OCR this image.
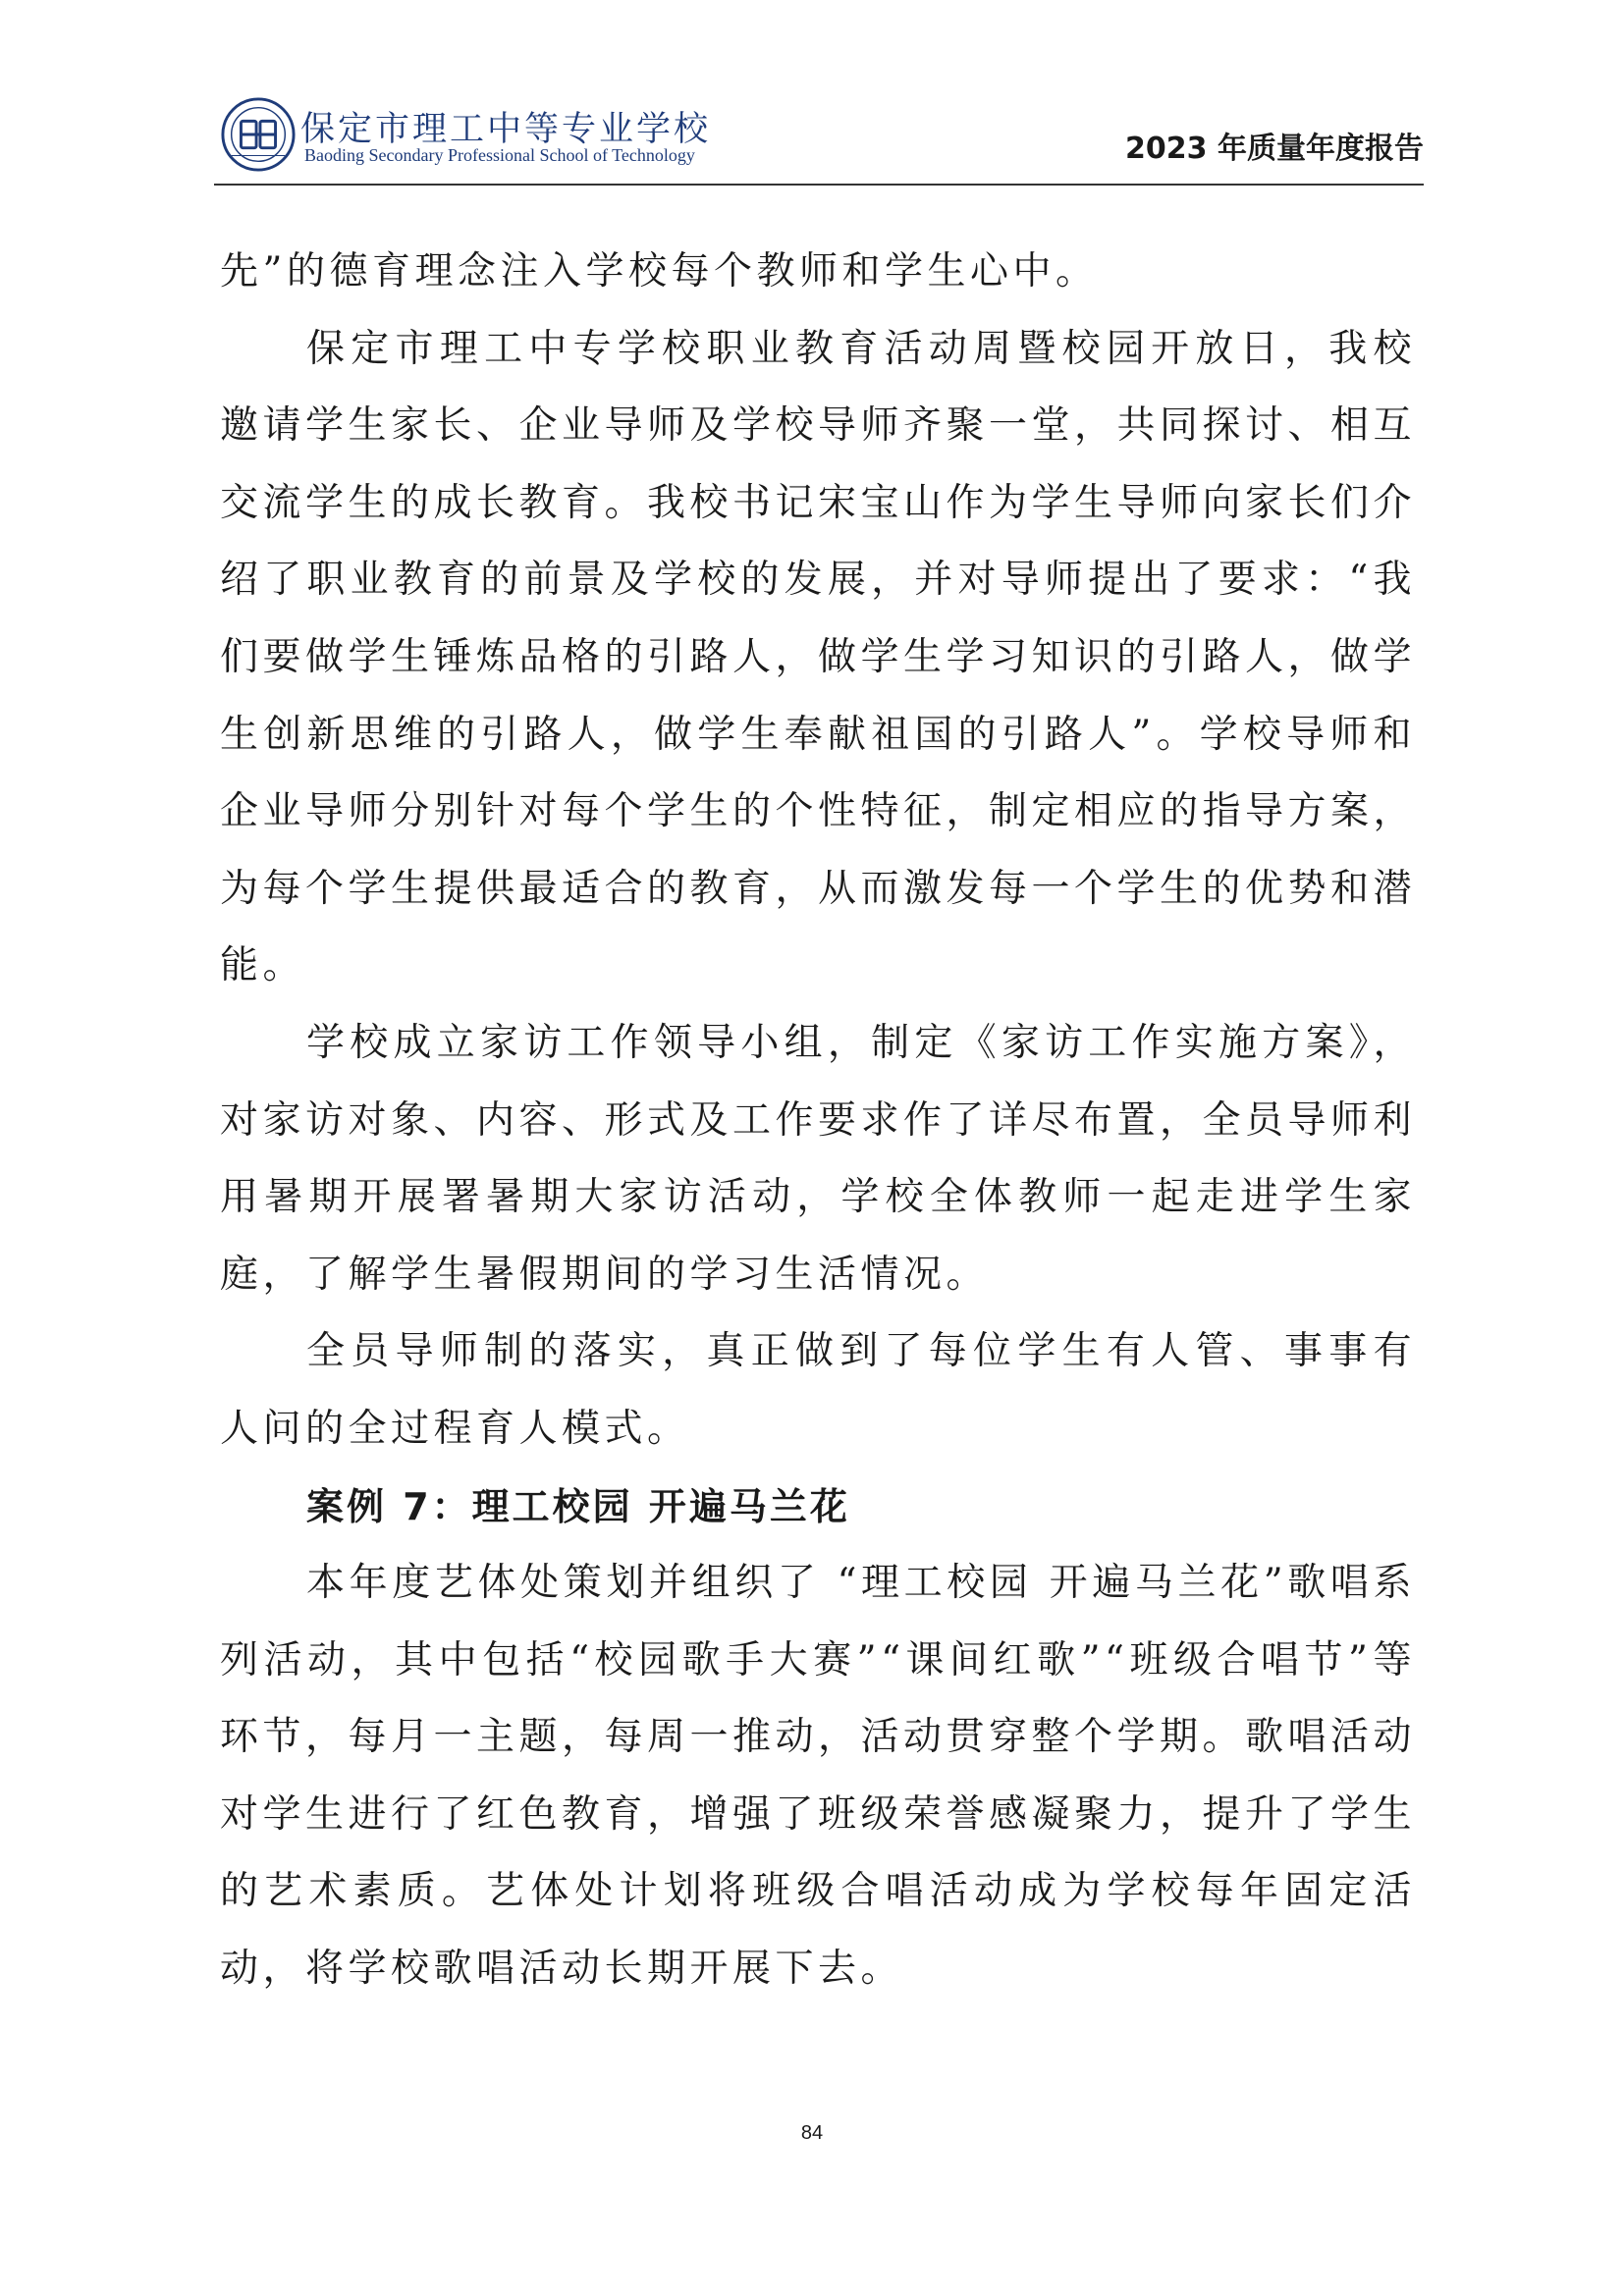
保定市理工中等专业学校
Baoding Secondary Professional School of Technology	2023 年质量年度报告

先”的德育理念注入学校每个教师和学生心中。

保定市理工中专学校职业教育活动周暨校园开放日，我校邀请学生家长、企业导师及学校导师齐聚一堂，共同探讨、相互交流学生的成长教育。我校书记宋宝山作为学生导师向家长们介绍了职业教育的前景及学校的发展，并对导师提出了要求：“我们要做学生锤炼品格的引路人，做学生学习知识的引路人，做学生创新思维的引路人，做学生奉献祖国的引路人”。学校导师和企业导师分别针对每个学生的个性特征，制定相应的指导方案，为每个学生提供最适合的教育，从而激发每一个学生的优势和潜能。

学校成立家访工作领导小组，制定《家访工作实施方案》，对家访对象、内容、形式及工作要求作了详尽布置，全员导师利用暑期开展署暑期大家访活动，学校全体教师一起走进学生家庭，了解学生暑假期间的学习生活情况。

全员导师制的落实，真正做到了每位学生有人管、事事有人问的全过程育人模式。

案例 7：理工校园 开遍马兰花

本年度艺体处策划并组织了 “理工校园 开遍马兰花”歌唱系列活动，其中包括“校园歌手大赛”“课间红歌”“班级合唱节”等环节，每月一主题，每周一推动，活动贯穿整个学期。歌唱活动对学生进行了红色教育，增强了班级荣誉感凝聚力，提升了学生的艺术素质。艺体处计划将班级合唱活动成为学校每年固定活动，将学校歌唱活动长期开展下去。

84
